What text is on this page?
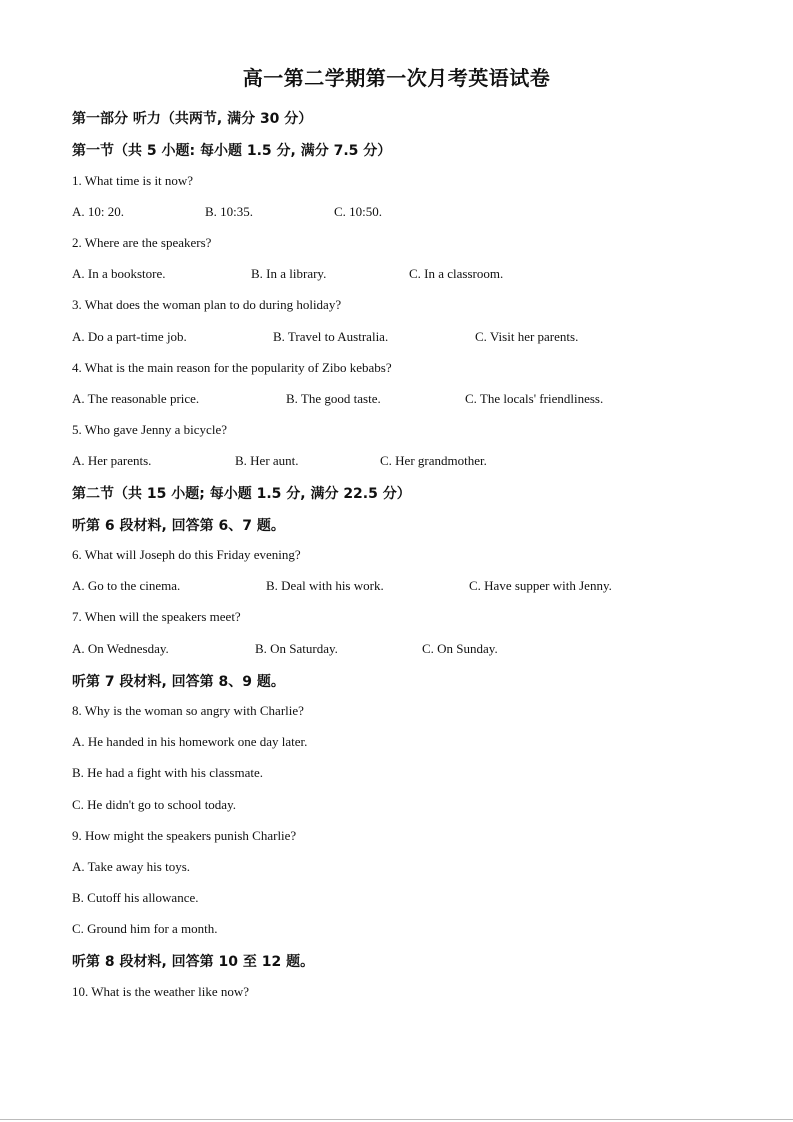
高一第二学期第一次月考英语试卷
第一部分 听力（共两节, 满分 30 分）
第一节（共 5 小题: 每小题 1.5 分, 满分 7.5 分）
1. What time is it now?
A. 10: 20.	B. 10:35.	C. 10:50.
2. Where are the speakers?
A. In a bookstore.	B. In a library.	C. In a classroom.
3. What does the woman plan to do during holiday?
A. Do a part-time job.	B. Travel to Australia.	C. Visit her parents.
4. What is the main reason for the popularity of Zibo kebabs?
A. The reasonable price.	B. The good taste.	C. The locals' friendliness.
5. Who gave Jenny a bicycle?
A. Her parents.	B. Her aunt.	C. Her grandmother.
第二节（共 15 小题; 每小题 1.5 分, 满分 22.5 分）
听第 6 段材料, 回答第 6、7 题。
6. What will Joseph do this Friday evening?
A. Go to the cinema.	B. Deal with his work.	C. Have supper with Jenny.
7. When will the speakers meet?
A. On Wednesday.	B. On Saturday.	C. On Sunday.
听第 7 段材料, 回答第 8、9 题。
8. Why is the woman so angry with Charlie?
A. He handed in his homework one day later.
B. He had a fight with his classmate.
C. He didn't go to school today.
9. How might the speakers punish Charlie?
A. Take away his toys.
B. Cutoff his allowance.
C. Ground him for a month.
听第 8 段材料, 回答第 10 至 12 题。
10. What is the weather like now?
